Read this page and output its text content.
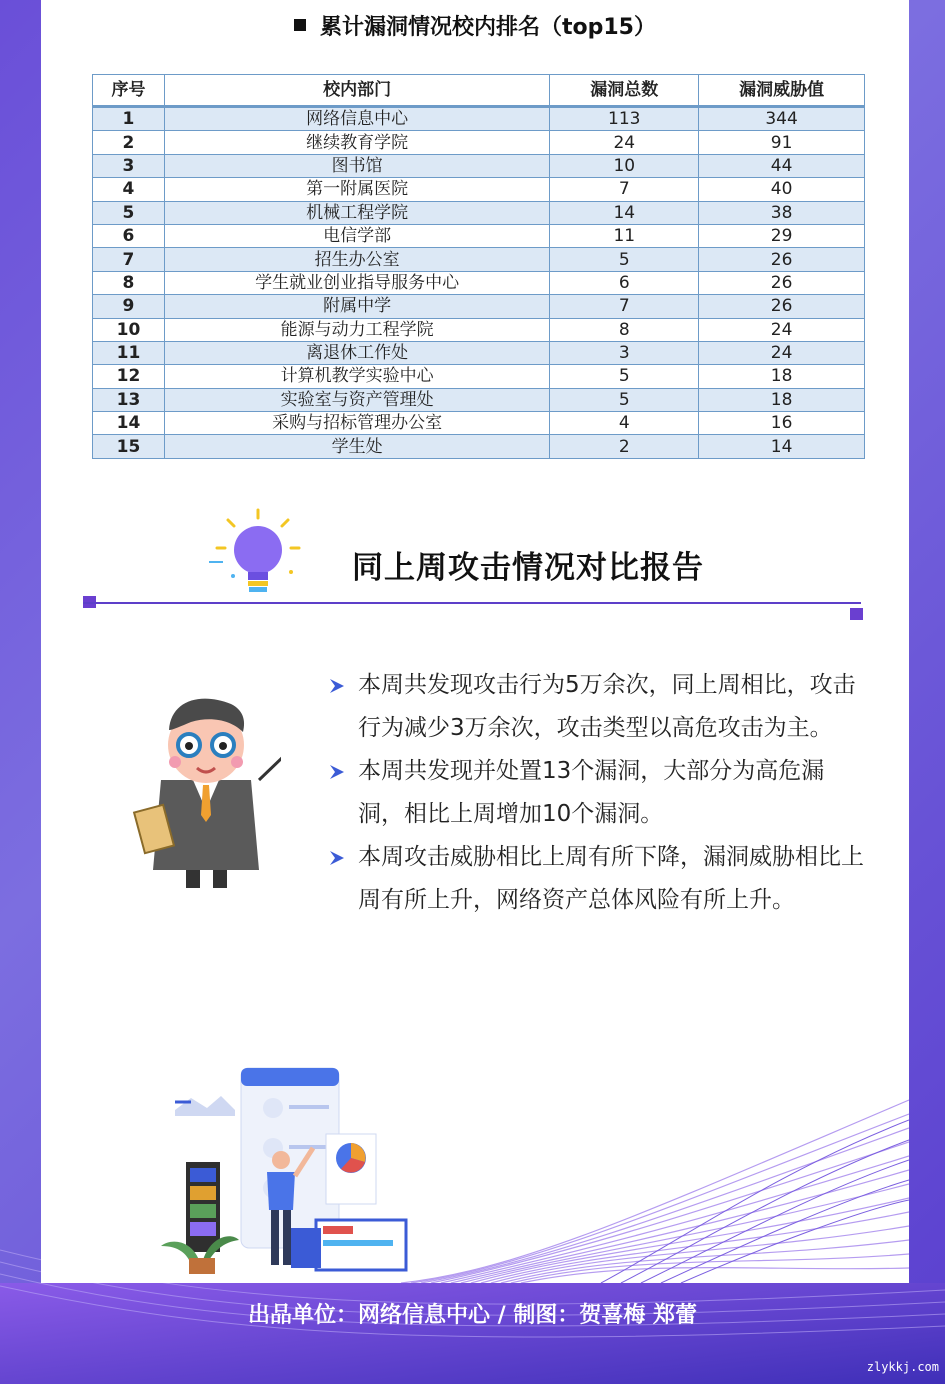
累计漏洞情况校内排名（top15）
序号	校内部门	漏洞总数	漏洞威胁值
1	网络信息中心	113	344
2	继续教育学院	24	91
3	图书馆	10	44
4	第一附属医院	7	40
5	机械工程学院	14	38
6	电信学部	11	29
7	招生办公室	5	26
8	学生就业创业指导服务中心	6	26
9	附属中学	7	26
10	能源与动力工程学院	8	24
11	离退休工作处	3	24
12	计算机教学实验中心	5	18
13	实验室与资产管理处	5	18
14	采购与招标管理办公室	4	16
15	学生处	2	14
同上周攻击情况对比报告
本周共发现攻击行为5万余次，同上周相比，攻击行为减少3万余次，攻击类型以高危攻击为主。
本周共发现并处置13个漏洞，大部分为高危漏洞，相比上周增加10个漏洞。
本周攻击威胁相比上周有所下降，漏洞威胁相比上周有所上升，网络资产总体风险有所上升。
出品单位：网络信息中心 / 制图：贺喜梅 郑蕾
zlykkj.com
